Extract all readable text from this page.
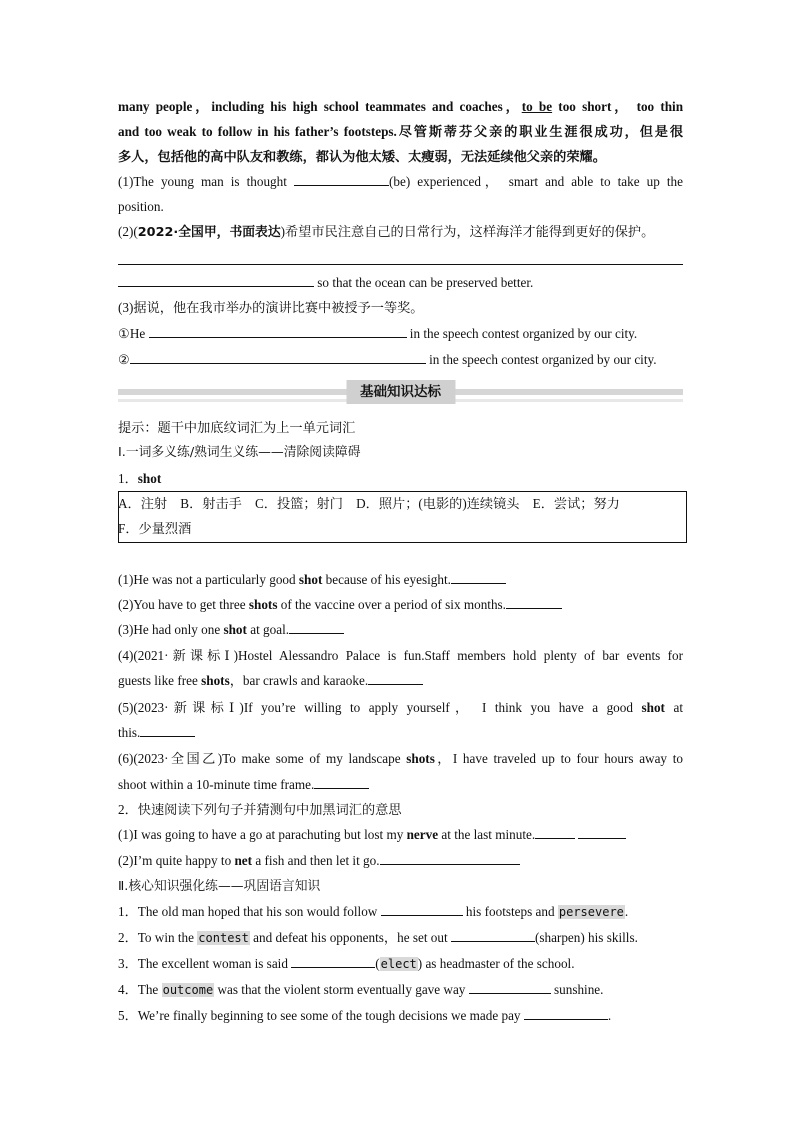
many people，including his high school teammates and coaches，to be too short， too thin
and too weak to follow in his father’s footsteps.尽管斯蒂芬父亲的职业生涯很成功，但是很
多人，包括他的高中队友和教练，都认为他太矮、太瘦弱，无法延续他父亲的荣耀。
(1)The young man is thought	(be) experienced， smart and able to take up the
position.
(2)(2022·全国甲，书面表达)希望市民注意自己的日常行为，这样海洋才能得到更好的保护。
so that the ocean can be preserved better.
(3)据说，他在我市举办的演讲比赛中被授予一等奖。
①He	in the speech contest organized by our city.
②	in the speech contest organized by our city.
基础知识达标
提示：题干中加底纹词汇为上一单元词汇
Ⅰ.一词多义练/熟词生义练——清除阅读障碍
1．shot
A．注射　B．射击手　C．投篮；射门　D．照片；(电影的)连续镜头　E．尝试；努力
F．少量烈酒
(1)He was not a particularly good shot because of his eyesight.
(2)You have to get three shots of the vaccine over a period of six months.
(3)He had only one shot at goal.
(4)(2021·新课标Ⅰ)Hostel Alessandro Palace is fun.Staff members hold plenty of bar events for
guests like free shots，bar crawls and karaoke.
(5)(2023·新课标Ⅰ)If you’re willing to apply yourself， I think you have a good shot at
this.
(6)(2023·全国乙)To make some of my landscape shots，I have traveled up to four hours away to
shoot within a 10-minute time frame.
2．快速阅读下列句子并猜测句中加黑词汇的意思
(1)I was going to have a go at parachuting but lost my nerve at the last minute.
(2)I’m quite happy to net a fish and then let it go.
Ⅱ.核心知识强化练——巩固语言知识
1．The old man hoped that his son would follow	his footsteps and persevere.
2．To win the contest and defeat his opponents，he set out	(sharpen) his skills.
3．The excellent woman is said	(elect) as headmaster of the school.
4．The outcome was that the violent storm eventually gave way	sunshine.
5．We’re finally beginning to see some of the tough decisions we made pay	.
